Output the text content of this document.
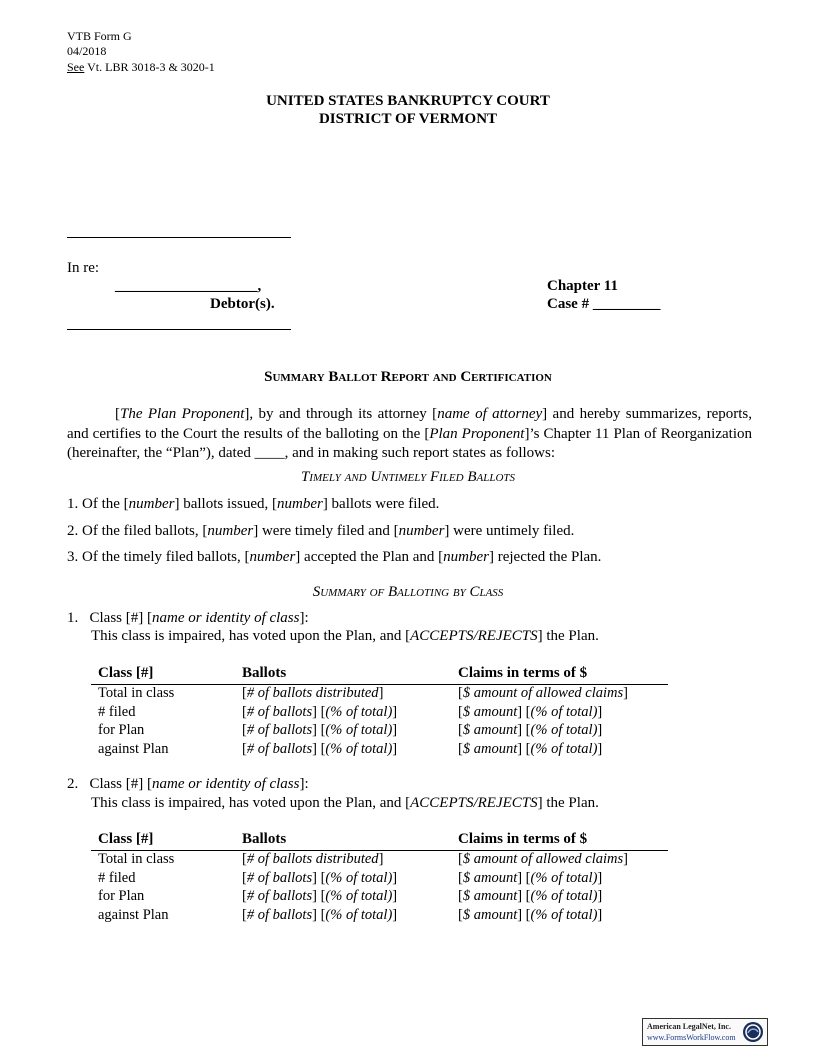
VTB Form G
04/2018
See Vt. LBR 3018-3 & 3020-1
UNITED STATES BANKRUPTCY COURT
DISTRICT OF VERMONT
In re:
___________________,
Debtor(s).
Chapter 11
Case # _________
Summary Ballot Report and Certification
[The Plan Proponent], by and through its attorney [name of attorney] and hereby summarizes, reports, and certifies to the Court the results of the balloting on the [Plan Proponent]’s Chapter 11 Plan of Reorganization (hereinafter, the “Plan”), dated ____, and in making such report states as follows:
Timely and Untimely Filed Ballots
1. Of the [number] ballots issued, [number] ballots were filed.
2. Of the filed ballots, [number] were timely filed and [number] were untimely filed.
3. Of the timely filed ballots, [number] accepted the Plan and [number] rejected the Plan.
Summary of Balloting by Class
1. Class [#] [name or identity of class]:
This class is impaired, has voted upon the Plan, and [ACCEPTS/REJECTS] the Plan.
Class [#]	Ballots	Claims in terms of $
Total in class	[# of ballots distributed]	[$ amount of allowed claims]
# filed	[# of ballots] [(% of total)]	[$ amount] [(% of total)]
for Plan	[# of ballots] [(% of total)]	[$ amount] [(% of total)]
against Plan	[# of ballots] [(% of total)]	[$ amount] [(% of total)]
2. Class [#] [name or identity of class]:
This class is impaired, has voted upon the Plan, and [ACCEPTS/REJECTS] the Plan.
Class [#]	Ballots	Claims in terms of $
Total in class	[# of ballots distributed]	[$ amount of allowed claims]
# filed	[# of ballots] [(% of total)]	[$ amount] [(% of total)]
for Plan	[# of ballots] [(% of total)]	[$ amount] [(% of total)]
against Plan	[# of ballots] [(% of total)]	[$ amount] [(% of total)]
American LegalNet, Inc.
www.FormsWorkFlow.com
